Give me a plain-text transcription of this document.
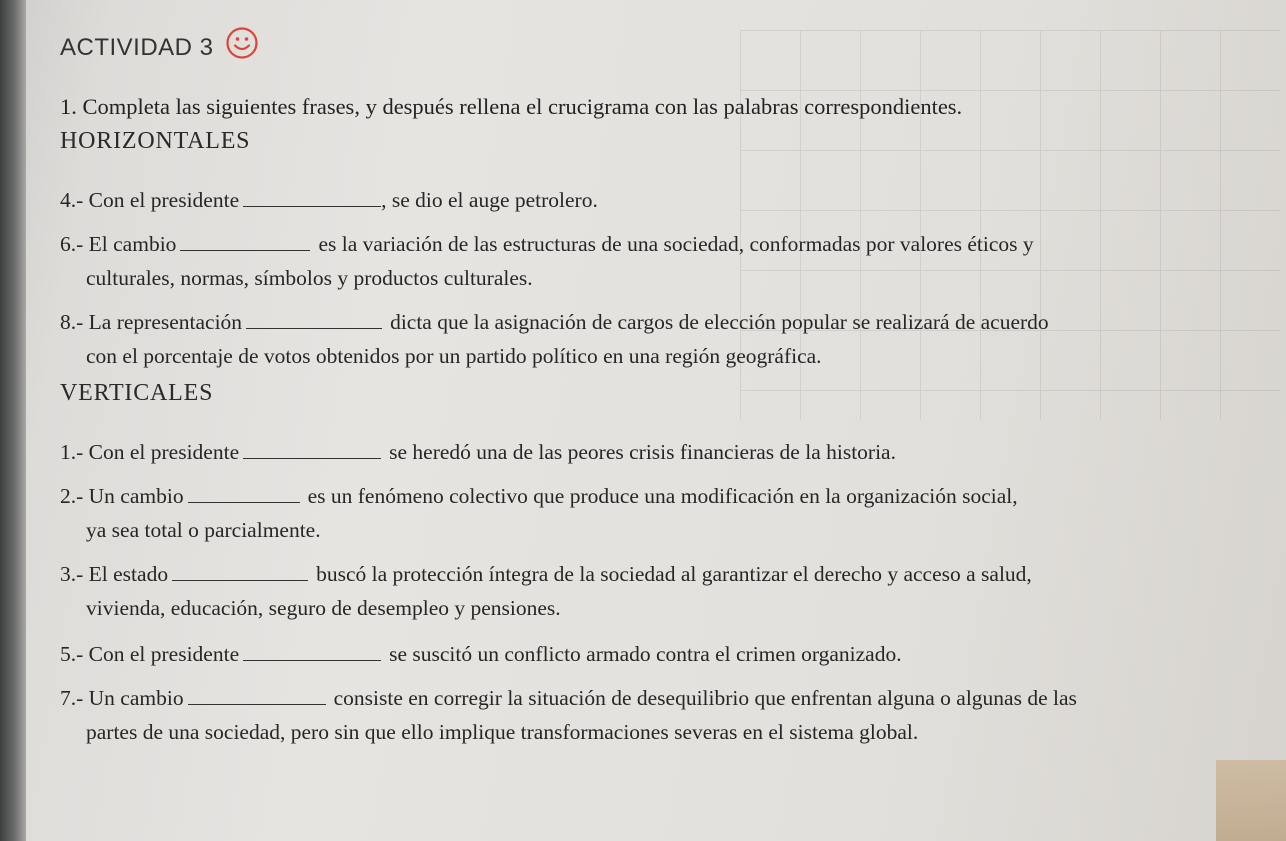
ACTIVIDAD 3
1. Completa las siguientes frases, y después rellena el crucigrama con las palabras correspondientes.
HORIZONTALES
4.- Con el presidente	, se dio el auge petrolero.
6.- El cambio	es la variación de las estructuras de una sociedad, conformadas por valores éticos y
culturales, normas, símbolos y productos culturales.
8.- La representación	dicta que la asignación de cargos de elección popular se realizará de acuerdo
con el porcentaje de votos obtenidos por un partido político en una región geográfica.
VERTICALES
1.- Con el presidente	se heredó una de las peores crisis financieras de la historia.
2.- Un cambio	es un fenómeno colectivo que produce una modificación en la organización social,
ya sea total o parcialmente.
3.- El estado	buscó la protección íntegra de la sociedad al garantizar el derecho y acceso a salud,
vivienda, educación, seguro de desempleo y pensiones.
5.- Con el presidente	se suscitó un conflicto armado contra el crimen organizado.
7.- Un cambio	consiste en corregir la situación de desequilibrio que enfrentan alguna o algunas de las
partes de una sociedad, pero sin que ello implique transformaciones severas en el sistema global.
